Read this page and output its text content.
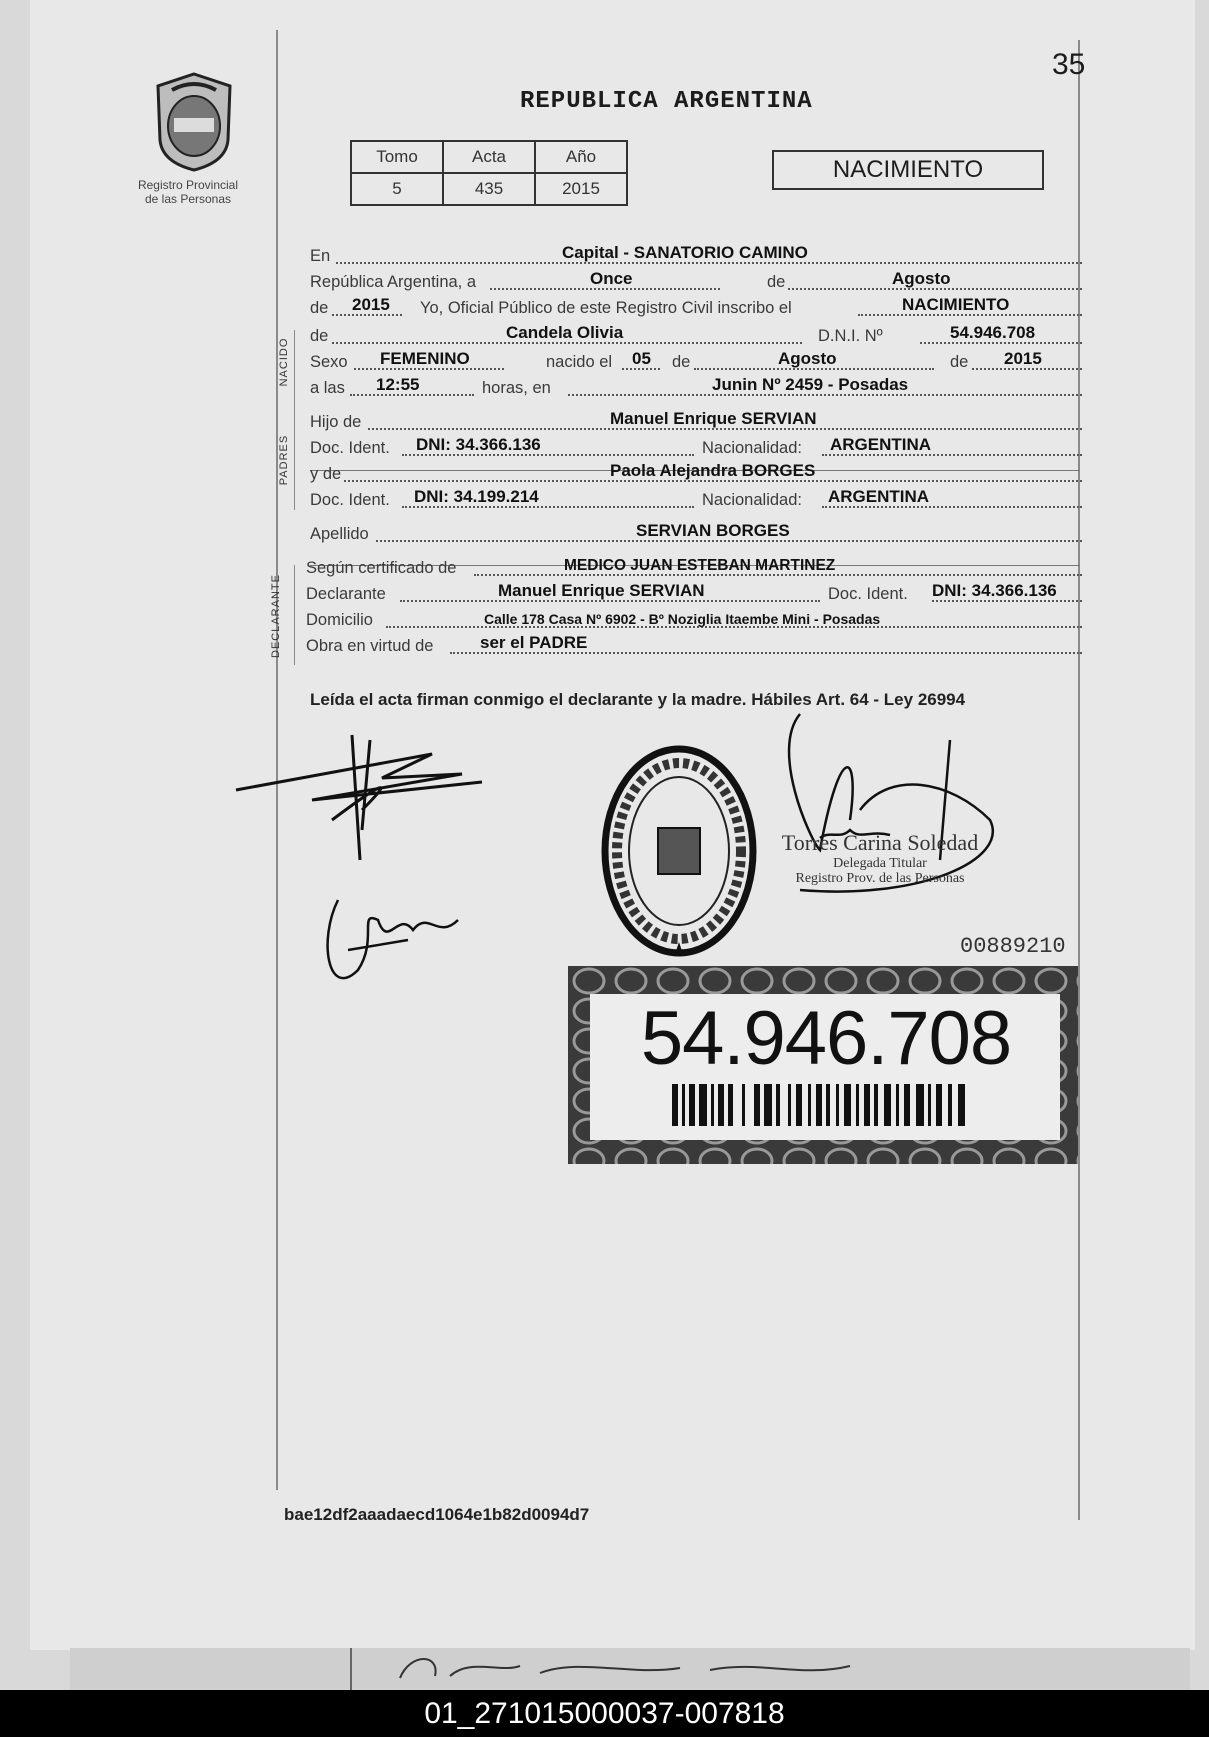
35
Registro Provincial
de las Personas
REPUBLICA ARGENTINA
Tomo	Acta	Año
5	435	2015
NACIMIENTO
NACIDO
PADRES
DECLARANTE
En	Capital - SANATORIO CAMINO
República Argentina, a	Once	de	Agosto
de 2015 Yo, Oficial Público de este Registro Civil inscribo el	NACIMIENTO
de	Candela Olivia	D.N.I. Nº	54.946.708
Sexo FEMENINO	nacido el 05 de	Agosto	de 2015
a las 12:55	horas, en	Junin Nº 2459 - Posadas
Hijo de	Manuel Enrique SERVIAN
Doc. Ident. DNI: 34.366.136	Nacionalidad: ARGENTINA
y de	Paola Alejandra BORGES
Doc. Ident. DNI: 34.199.214	Nacionalidad: ARGENTINA
Apellido	SERVIAN BORGES
Según certificado de	MEDICO JUAN ESTEBAN MARTINEZ
Declarante	Manuel Enrique SERVIAN	Doc. Ident. DNI: 34.366.136
Domicilio	Calle 178 Casa Nº 6902 - Bº Noziglia Itaembe Mini - Posadas
Obra en virtud de	ser el PADRE
Leída el acta firman conmigo el declarante y la madre. Hábiles Art. 64 - Ley 26994
Torres Carina Soledad
Delegada Titular
Registro Prov. de las Personas
00889210
54.946.708
bae12df2aaadaecd1064e1b82d0094d7
01_271015000037-007818
